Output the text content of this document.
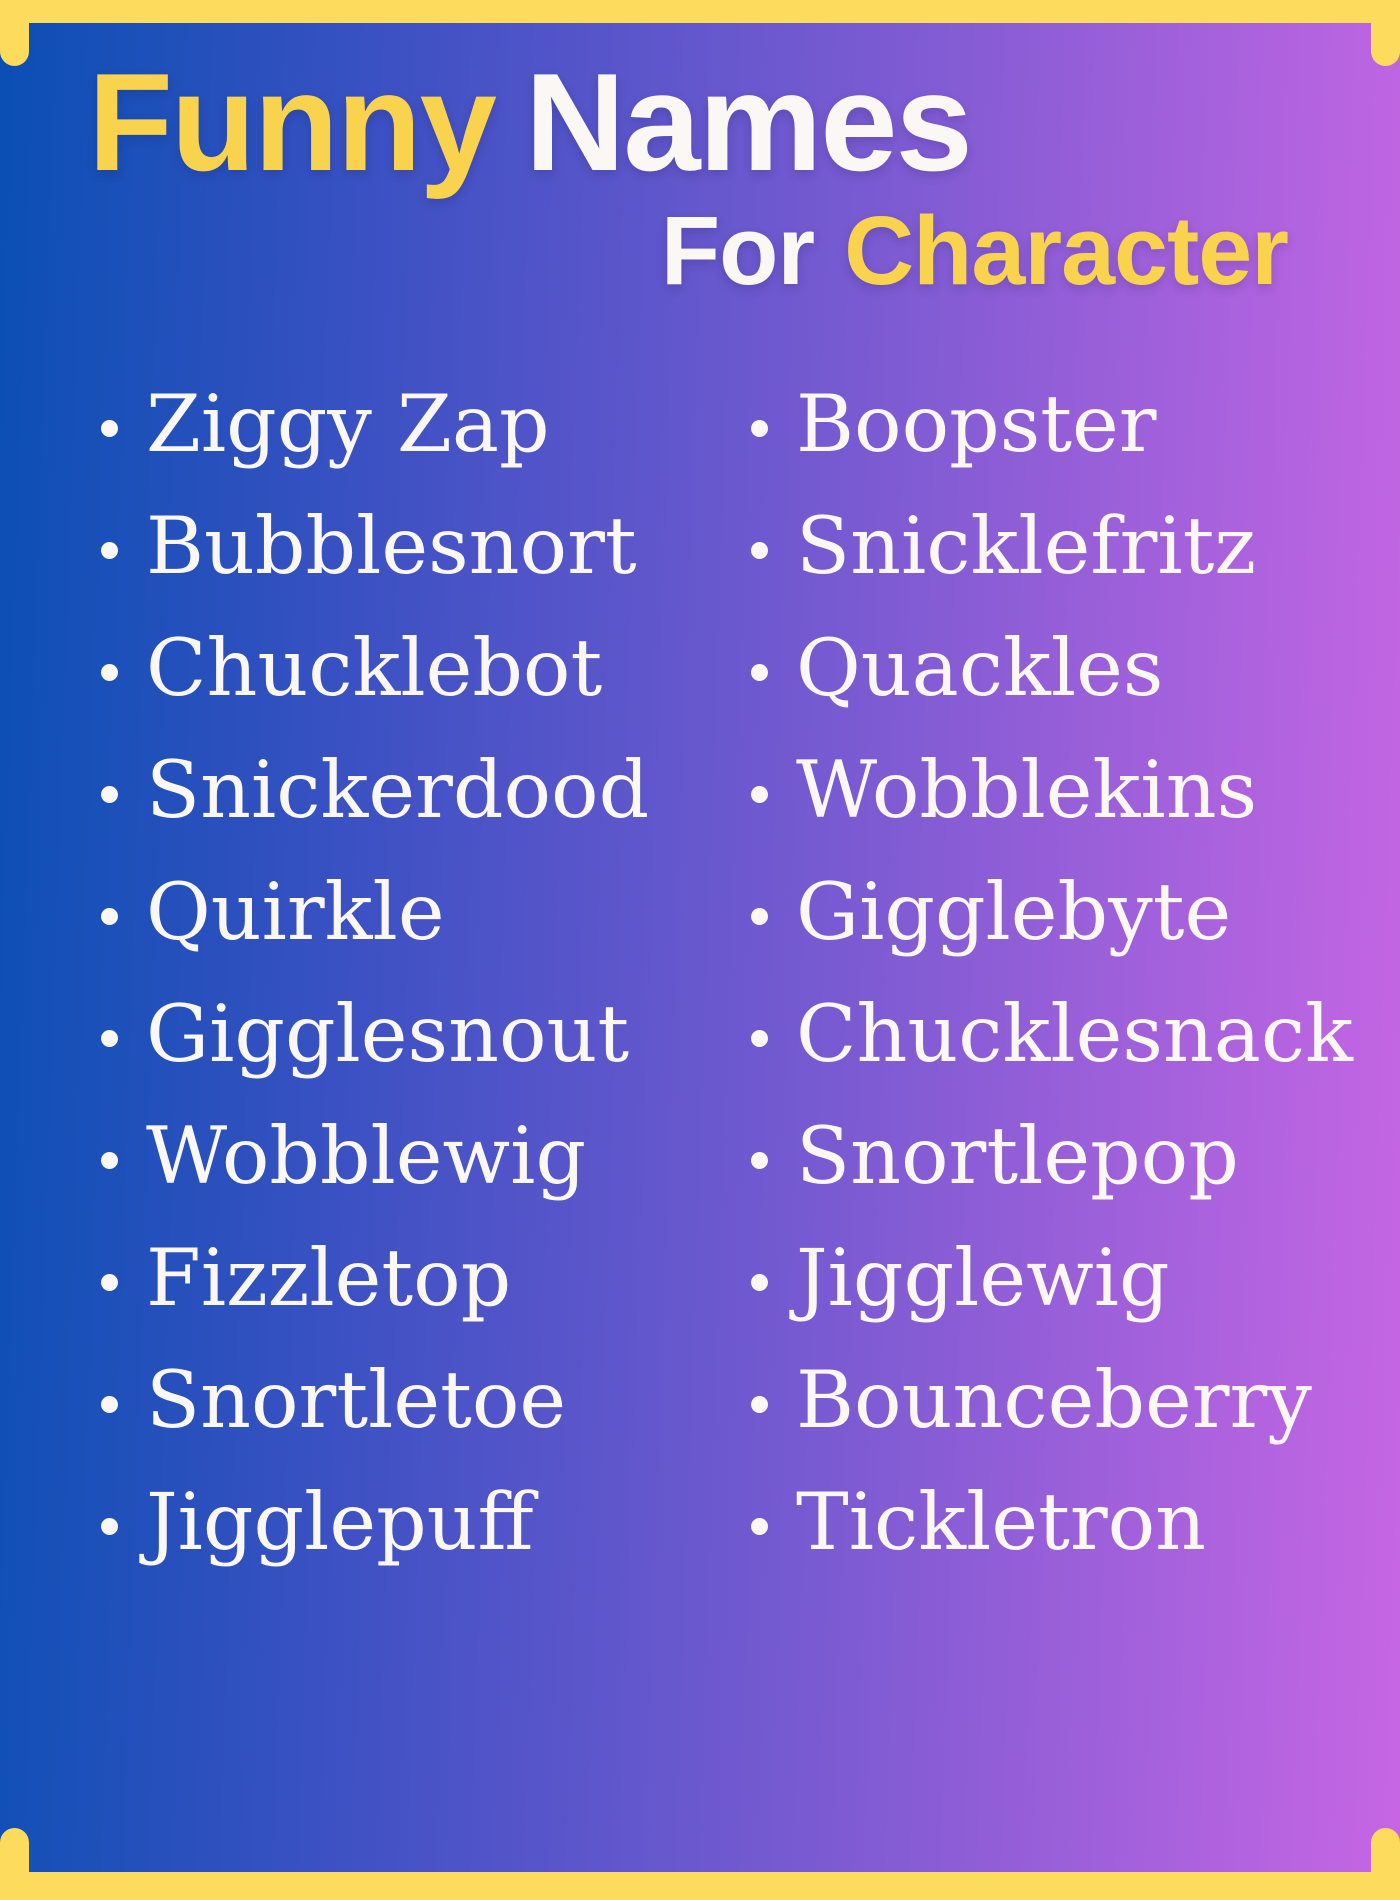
Funny Names
For Character
Ziggy Zap
Bubblesnort
Chucklebot
Snickerdood
Quirkle
Gigglesnout
Wobblewig
Fizzletop
Snortletoe
Jigglepuff
Boopster
Snicklefritz
Quackles
Wobblekins
Gigglebyte
Chucklesnack
Snortlepop
Jigglewig
Bounceberry
Tickletron
